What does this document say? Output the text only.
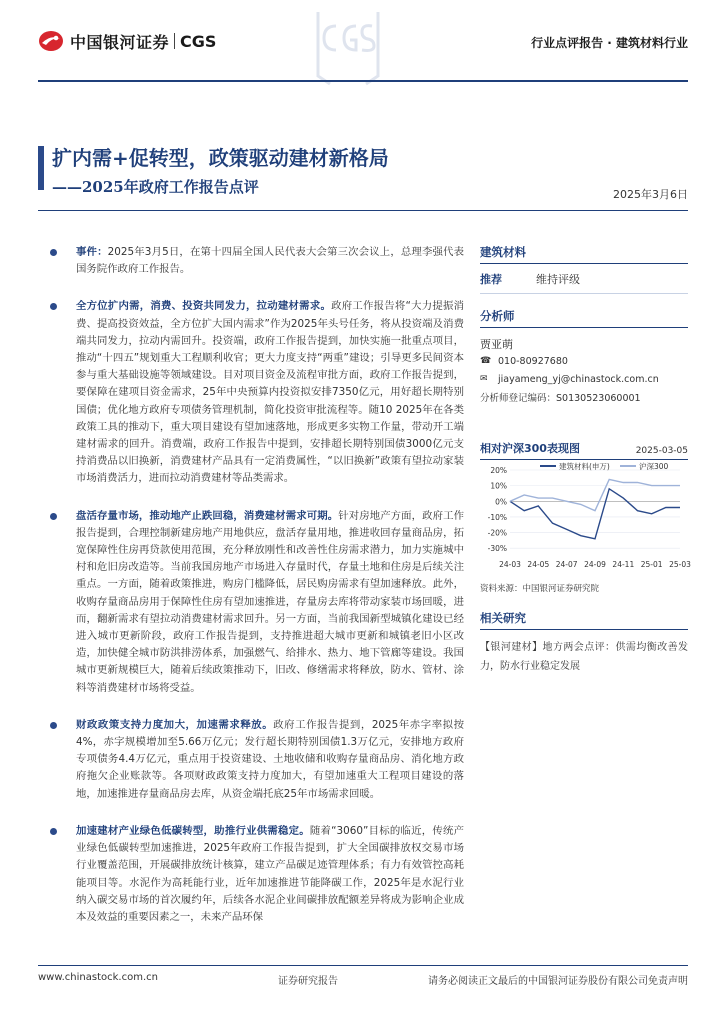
中国银河证券 CGS	行业点评报告 · 建筑材料行业
扩内需+促转型，政策驱动建材新格局
——2025年政府工作报告点评	2025年3月6日
事件：2025年3月5日，在第十四届全国人民代表大会第三次会议上，总理李强代表国务院作政府工作报告。
全方位扩内需，消费、投资共同发力，拉动建材需求。政府工作报告将“大力提振消费、提高投资效益，全方位扩大国内需求”作为2025年头号任务，将从投资端及消费端共同发力，拉动内需回升。投资端，政府工作报告提到，加快实施一批重点项目，推动“十四五”规划重大工程顺利收官；更大力度支持“两重”建设；引导更多民间资本参与重大基础设施等领域建设。目对项目资金及流程审批方面，政府工作报告提到，要保障在建项目资金需求，25年中央预算内投资拟安排7350亿元，用好超长期特别国债；优化地方政府专项债务管理机制，简化投资审批流程等。随10 2025年在各类政策工具的推动下，重大项目建设有望加速落地，形成更多实物工作量，带动开工端建材需求的回升。消费端，政府工作报告中提到，安排超长期特别国债3000亿元支持消费品以旧换新，消费建材产品具有一定消费属性，“以旧换新”政策有望拉动家装市场消费活力，进而拉动消费建材等品类需求。
盘活存量市场，推动地产止跌回稳，消费建材需求可期。针对房地产方面，政府工作报告提到，合理控制新建房地产用地供应，盘活存量用地，推进收回存量商品房，拓宽保障性住房再贷款使用范围，充分释放刚性和改善性住房需求潜力，加力实施城中村和危旧房改造等。当前我国房地产市场进入存量时代，存量土地和住房是后续关注重点。一方面，随着政策推进，购房门槛降低，居民购房需求有望加速释放。此外，收购存量商品房用于保障性住房有望加速推进，存量房去库将带动家装市场回暖，进而，翻新需求有望拉动消费建材需求回升。另一方面，当前我国新型城镇化建设已经进入城市更新阶段，政府工作报告提到，支持推进超大城市更新和城镇老旧小区改造，加快健全城市防洪排涝体系，加强燃气、给排水、热力、地下管廊等建设。我国城市更新规模巨大，随着后续政策推动下，旧改、修缮需求将释放，防水、管材、涂料等消费建材市场将受益。
财政政策支持力度加大，加速需求释放。政府工作报告提到，2025年赤字率拟按4%，赤字规模增加至5.66万亿元；发行超长期特别国债1.3万亿元，安排地方政府专项债务4.4万亿元，重点用于投资建设、土地收储和收购存量商品房、消化地方政府拖欠企业账款等。各项财政政策支持力度加大，有望加速重大工程项目建设的落地，加速推进存量商品房去库，从资金端托底25年市场需求回暖。
加速建材产业绿色低碳转型，助推行业供需稳定。随着“3060”目标的临近，传统产业绿色低碳转型加速推进，2025年政府工作报告提到，扩大全国碳排放权交易市场行业覆盖范围，开展碳排放统计核算，建立产品碳足迹管理体系；有力有效管控高耗能项目等。水泥作为高耗能行业，近年加速推进节能降碳工作，2025年是水泥行业纳入碳交易市场的首次履约年，后续各水泥企业间碳排放配额差异将成为影响企业成本及效益的重要因素之一，未来产品环保
建筑材料
推荐	维持评级
分析师
贾亚萌
☎ 010-80927680
✉	jiayameng_yj@chinastock.com.cn
分析师登记编码：S0130523060001
相对沪深300表现图	2025-03-05
20%
10%
0%
-10%
-20%
-30%
24-03 24-05 24-07 24-09 24-11 25-01 25-03
建筑材料(申万)	沪深300
资料来源：中国银河证券研究院
相关研究
【银河建材】地方两会点评：供需均衡改善发力，防水行业稳定发展
www.chinastock.com.cn	证券研究报告	请务必阅读正文最后的中国银河证券股份有限公司免责声明
